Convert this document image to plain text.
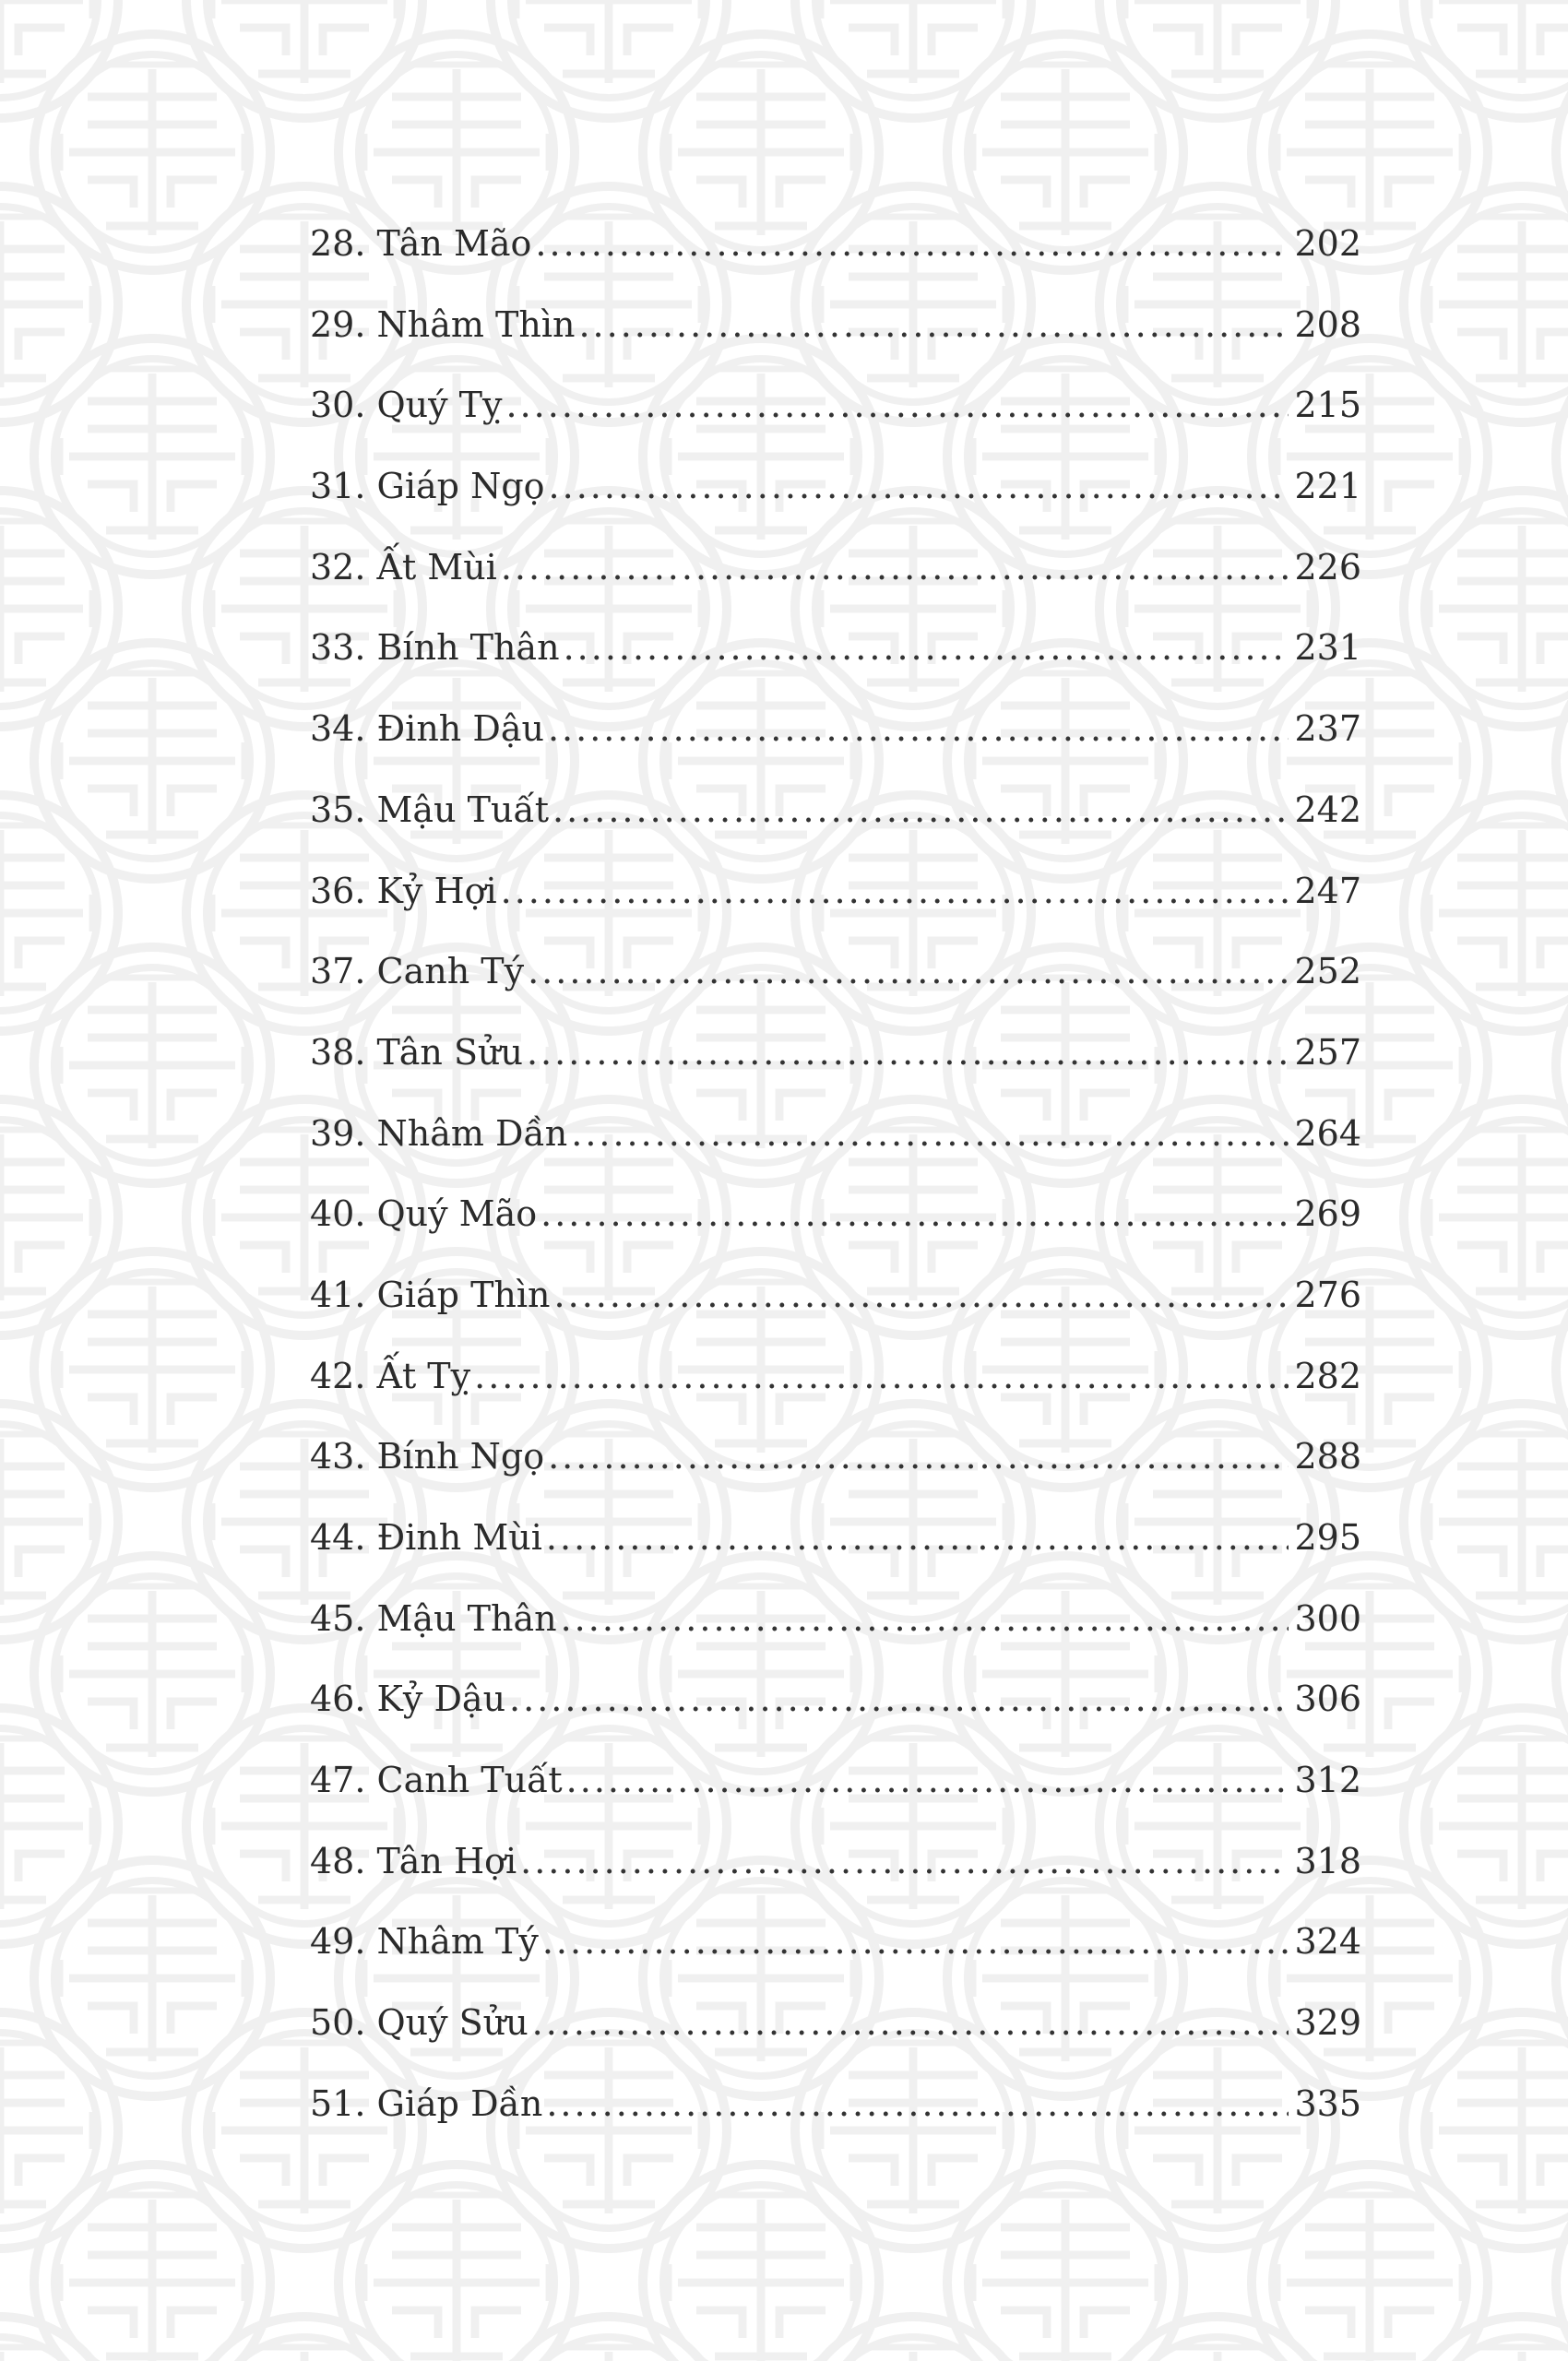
28. Tân Mão .....	202
29. Nhâm Thìn .....	208
30. Quý Tỵ .....	215
31. Giáp Ngọ .....	221
32. Ất Mùi .....	226
33. Bính Thân .....	231
34. Đinh Dậu .....	237
35. Mậu Tuất .....	242
36. Kỷ Hợi .....	247
37. Canh Tý .....	252
38. Tân Sửu .....	257
39. Nhâm Dần .....	264
40. Quý Mão .....	269
41. Giáp Thìn .....	276
42. Ất Tỵ .....	282
43. Bính Ngọ .....	288
44. Đinh Mùi .....	295
45. Mậu Thân .....	300
46. Kỷ Dậu .....	306
47. Canh Tuất .....	312
48. Tân Hợi .....	318
49. Nhâm Tý .....	324
50. Quý Sửu .....	329
51. Giáp Dần .....	335
